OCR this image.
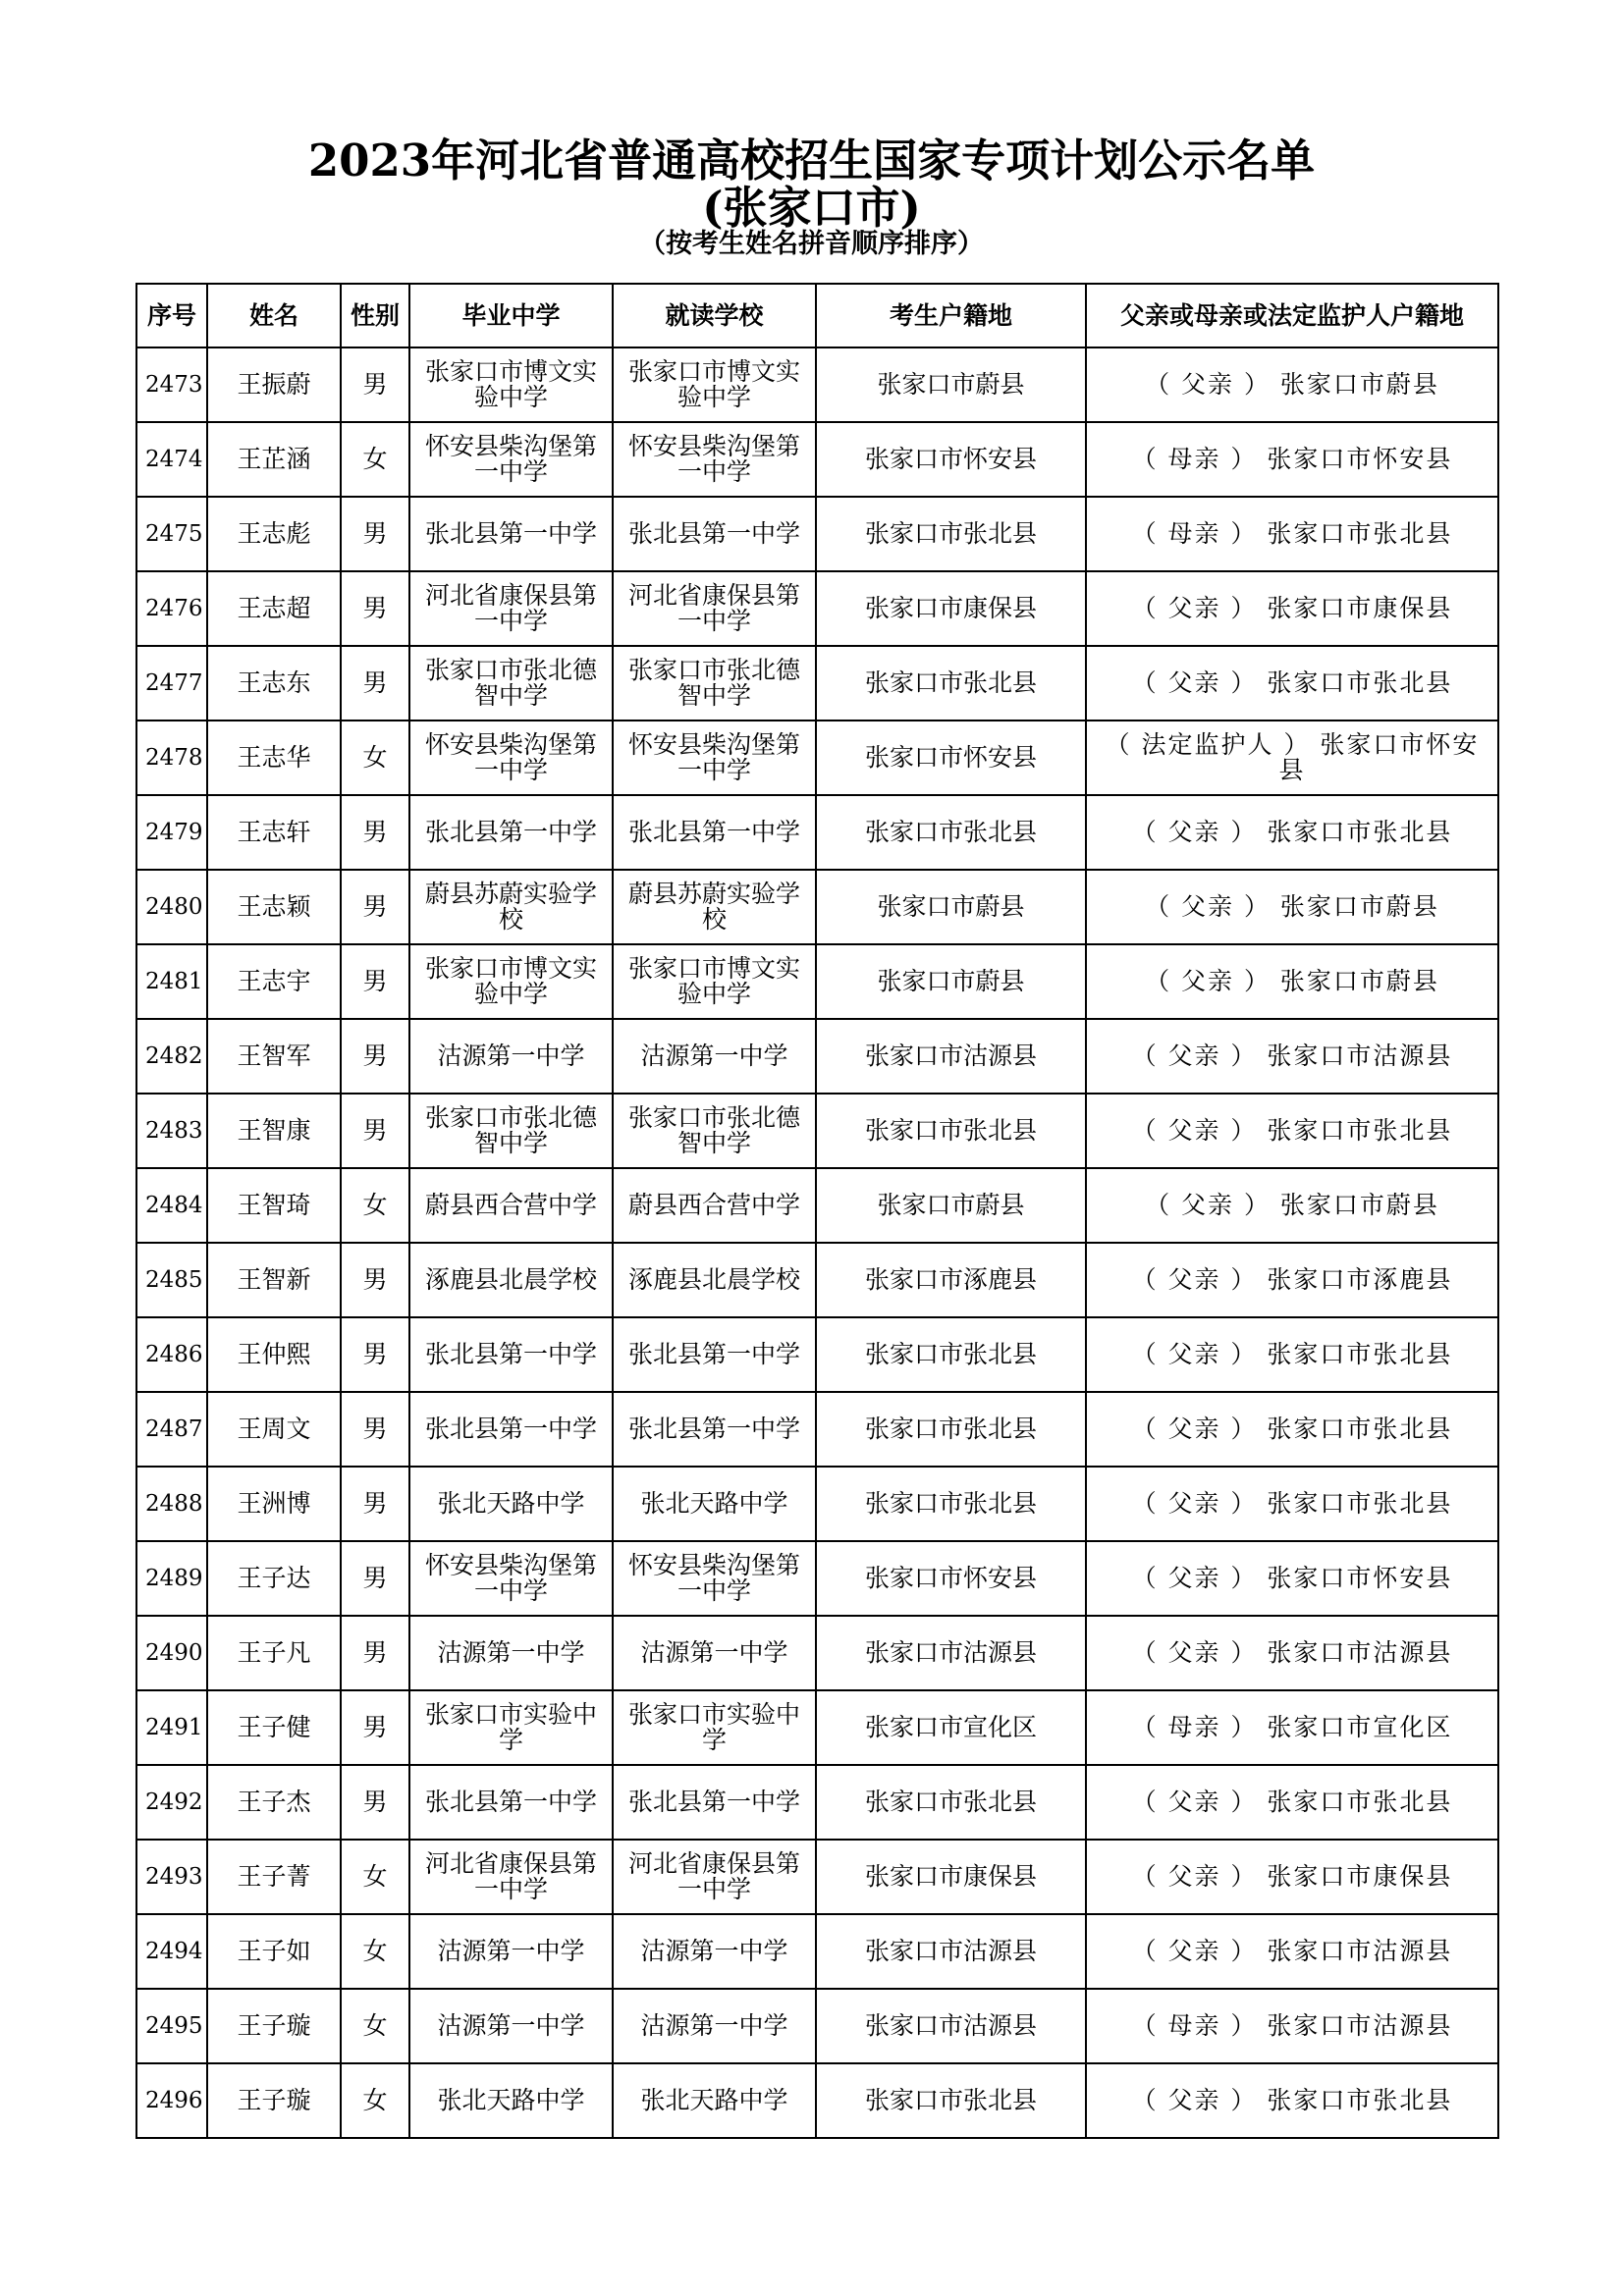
2023年河北省普通高校招生国家专项计划公示名单
(张家口市)
（按考生姓名拼音顺序排序）
序号	姓名	性别	毕业中学	就读学校	考生户籍地	父亲或母亲或法定监护人户籍地
2473	王振蔚	男	张家口市博文实验中学	张家口市博文实验中学	张家口市蔚县	（ 父亲 ） 张家口市蔚县
2474	王芷涵	女	怀安县柴沟堡第一中学	怀安县柴沟堡第一中学	张家口市怀安县	（ 母亲 ） 张家口市怀安县
2475	王志彪	男	张北县第一中学	张北县第一中学	张家口市张北县	（ 母亲 ） 张家口市张北县
2476	王志超	男	河北省康保县第一中学	河北省康保县第一中学	张家口市康保县	（ 父亲 ） 张家口市康保县
2477	王志东	男	张家口市张北德智中学	张家口市张北德智中学	张家口市张北县	（ 父亲 ） 张家口市张北县
2478	王志华	女	怀安县柴沟堡第一中学	怀安县柴沟堡第一中学	张家口市怀安县	（ 法定监护人 ） 张家口市怀安县
2479	王志轩	男	张北县第一中学	张北县第一中学	张家口市张北县	（ 父亲 ） 张家口市张北县
2480	王志颖	男	蔚县苏蔚实验学校	蔚县苏蔚实验学校	张家口市蔚县	（ 父亲 ） 张家口市蔚县
2481	王志宇	男	张家口市博文实验中学	张家口市博文实验中学	张家口市蔚县	（ 父亲 ） 张家口市蔚县
2482	王智军	男	沽源第一中学	沽源第一中学	张家口市沽源县	（ 父亲 ） 张家口市沽源县
2483	王智康	男	张家口市张北德智中学	张家口市张北德智中学	张家口市张北县	（ 父亲 ） 张家口市张北县
2484	王智琦	女	蔚县西合营中学	蔚县西合营中学	张家口市蔚县	（ 父亲 ） 张家口市蔚县
2485	王智新	男	涿鹿县北晨学校	涿鹿县北晨学校	张家口市涿鹿县	（ 父亲 ） 张家口市涿鹿县
2486	王仲熙	男	张北县第一中学	张北县第一中学	张家口市张北县	（ 父亲 ） 张家口市张北县
2487	王周文	男	张北县第一中学	张北县第一中学	张家口市张北县	（ 父亲 ） 张家口市张北县
2488	王洲博	男	张北天路中学	张北天路中学	张家口市张北县	（ 父亲 ） 张家口市张北县
2489	王子达	男	怀安县柴沟堡第一中学	怀安县柴沟堡第一中学	张家口市怀安县	（ 父亲 ） 张家口市怀安县
2490	王子凡	男	沽源第一中学	沽源第一中学	张家口市沽源县	（ 父亲 ） 张家口市沽源县
2491	王子健	男	张家口市实验中学	张家口市实验中学	张家口市宣化区	（ 母亲 ） 张家口市宣化区
2492	王子杰	男	张北县第一中学	张北县第一中学	张家口市张北县	（ 父亲 ） 张家口市张北县
2493	王子菁	女	河北省康保县第一中学	河北省康保县第一中学	张家口市康保县	（ 父亲 ） 张家口市康保县
2494	王子如	女	沽源第一中学	沽源第一中学	张家口市沽源县	（ 父亲 ） 张家口市沽源县
2495	王子璇	女	沽源第一中学	沽源第一中学	张家口市沽源县	（ 母亲 ） 张家口市沽源县
2496	王子璇	女	张北天路中学	张北天路中学	张家口市张北县	（ 父亲 ） 张家口市张北县
